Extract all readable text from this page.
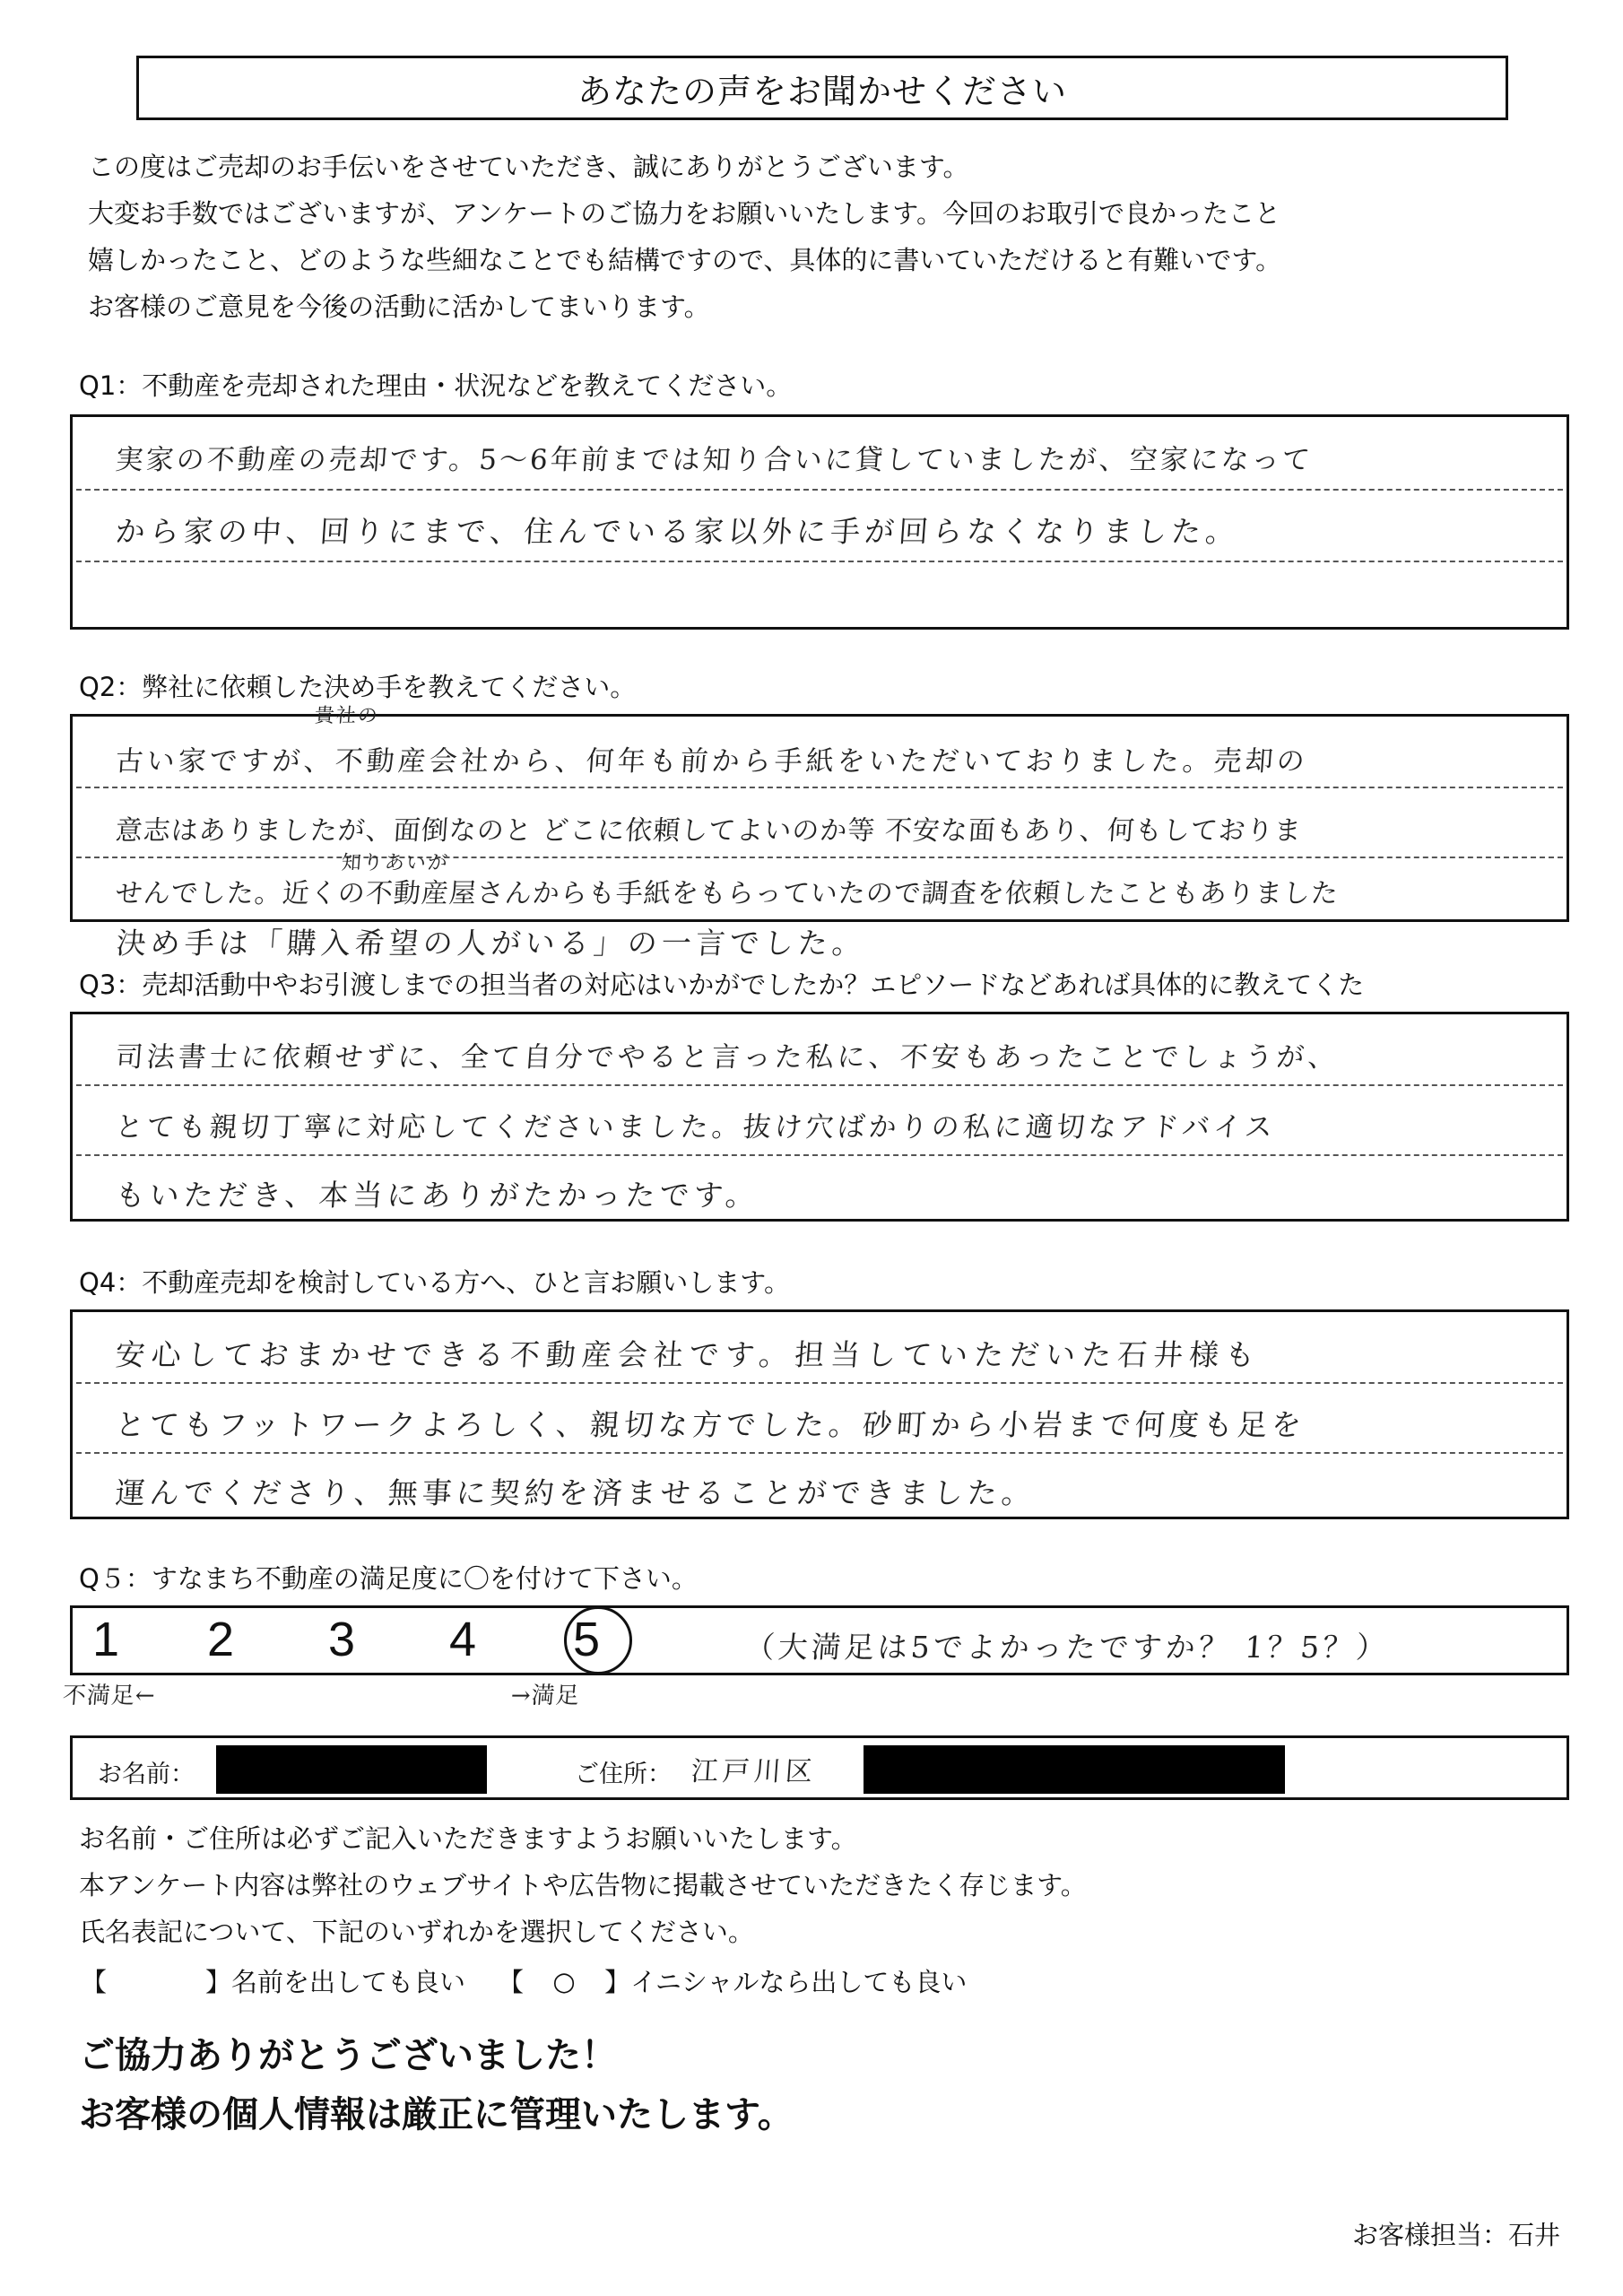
あなたの声をお聞かせください
この度はご売却のお手伝いをさせていただき、誠にありがとうございます。
大変お手数ではございますが、アンケートのご協力をお願いいたします。今回のお取引で良かったこと
嬉しかったこと、どのような些細なことでも結構ですので、具体的に書いていただけると有難いです。
お客様のご意見を今後の活動に活かしてまいります。
Q1：不動産を売却された理由・状況などを教えてください。
実家の不動産の売却です。5〜6年前までは知り合いに貸していましたが、空家になって
から家の中、回りにまで、住んでいる家以外に手が回らなくなりました。
Q2：弊社に依頼した決め手を教えてください。
貴社の
古い家ですが、不動産会社から、何年も前から手紙をいただいておりました。売却の
意志はありましたが、面倒なのと どこに依頼してよいのか等 不安な面もあり、何もしておりま
知りあいが
せんでした。近くの不動産屋さんからも手紙をもらっていたので調査を依頼したこともありました
決め手は「購入希望の人がいる」の一言でした。
Q3：売却活動中やお引渡しまでの担当者の対応はいかがでしたか？エピソードなどあれば具体的に教えてくた
司法書士に依頼せずに、全て自分でやると言った私に、不安もあったことでしょうが、
とても親切丁寧に対応してくださいました。抜け穴ばかりの私に適切なアドバイス
もいただき、本当にありがたかったです。
Q4：不動産売却を検討している方へ、ひと言お願いします。
安心しておまかせできる不動産会社です。担当していただいた石井様も
とてもフットワークよろしく、親切な方でした。砂町から小岩まで何度も足を
運んでくださり、無事に契約を済ませることができました。
Q５：すなまち不動産の満足度に〇を付けて下さい。
1 2 3 4 5	（大満足は5でよかったですか？ 1？5？）
不満足←	→満足
お名前：	ご住所： 江戸川区
お名前・ご住所は必ずご記入いただきますようお願いいたします。
本アンケート内容は弊社のウェブサイトや広告物に掲載させていただきたく存じます。
氏名表記について、下記のいずれかを選択してください。
【	】 名前を出しても良い 【	○	】 イニシャルなら出しても良い
ご協力ありがとうございました！
お客様の個人情報は厳正に管理いたします。
お客様担当：石井
